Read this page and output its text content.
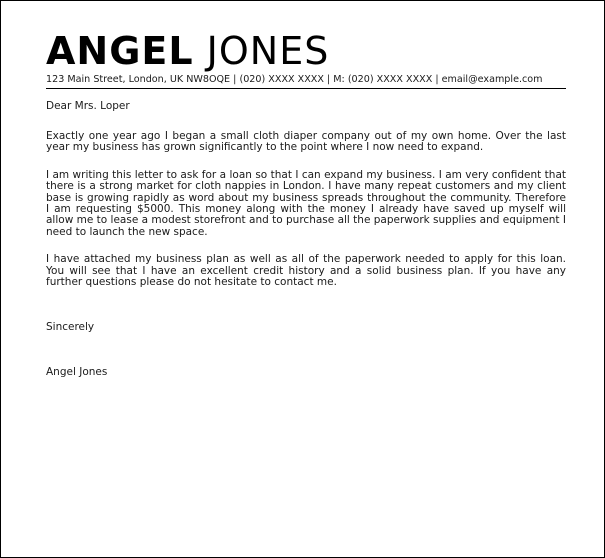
ANGEL JONES
123 Main Street, London, UK NW8OQE | (020) XXXX XXXX | M: (020) XXXX XXXX | email@example.com
Dear Mrs. Loper

Exactly one year ago I began a small cloth diaper company out of my own home. Over the last year my business has grown significantly to the point where I now need to expand.

I am writing this letter to ask for a loan so that I can expand my business. I am very confident that there is a strong market for cloth nappies in London. I have many repeat customers and my client base is growing rapidly as word about my business spreads throughout the community. Therefore I am requesting $5000. This money along with the money I already have saved up myself will allow me to lease a modest storefront and to purchase all the paperwork supplies and equipment I need to launch the new space.

I have attached my business plan as well as all of the paperwork needed to apply for this loan. You will see that I have an excellent credit history and a solid business plan. If you have any further questions please do not hesitate to contact me.

Sincerely
Angel Jones
